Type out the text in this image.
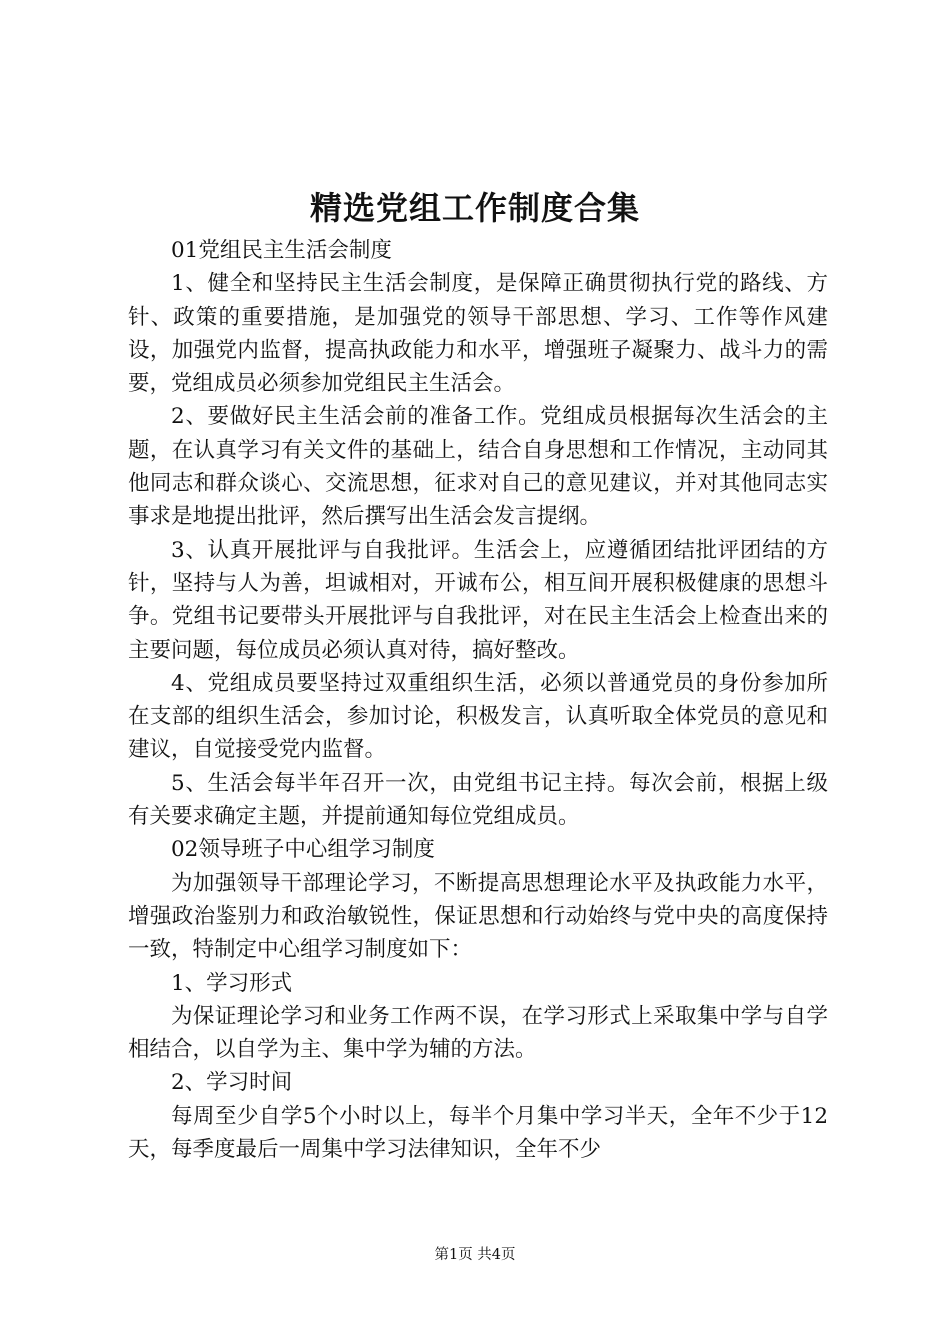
精选党组工作制度合集

01党组民主生活会制度

1、健全和坚持民主生活会制度，是保障正确贯彻执行党的路线、方针、政策的重要措施，是加强党的领导干部思想、学习、工作等作风建设，加强党内监督，提高执政能力和水平，增强班子凝聚力、战斗力的需要，党组成员必须参加党组民主生活会。

2、要做好民主生活会前的准备工作。党组成员根据每次生活会的主题，在认真学习有关文件的基础上，结合自身思想和工作情况，主动同其他同志和群众谈心、交流思想，征求对自己的意见建议，并对其他同志实事求是地提出批评，然后撰写出生活会发言提纲。

3、认真开展批评与自我批评。生活会上，应遵循团结批评团结的方针，坚持与人为善，坦诚相对，开诚布公，相互间开展积极健康的思想斗争。党组书记要带头开展批评与自我批评，对在民主生活会上检查出来的主要问题，每位成员必须认真对待，搞好整改。

4、党组成员要坚持过双重组织生活，必须以普通党员的身份参加所在支部的组织生活会，参加讨论，积极发言，认真听取全体党员的意见和建议，自觉接受党内监督。

5、生活会每半年召开一次，由党组书记主持。每次会前，根据上级有关要求确定主题，并提前通知每位党组成员。

02领导班子中心组学习制度

为加强领导干部理论学习，不断提高思想理论水平及执政能力水平，增强政治鉴别力和政治敏锐性，保证思想和行动始终与党中央的高度保持一致，特制定中心组学习制度如下：

1、学习形式

为保证理论学习和业务工作两不误，在学习形式上采取集中学与自学相结合，以自学为主、集中学为辅的方法。

2、学习时间

每周至少自学5个小时以上，每半个月集中学习半天，全年不少于12天，每季度最后一周集中学习法律知识，全年不少

第1页 共4页
